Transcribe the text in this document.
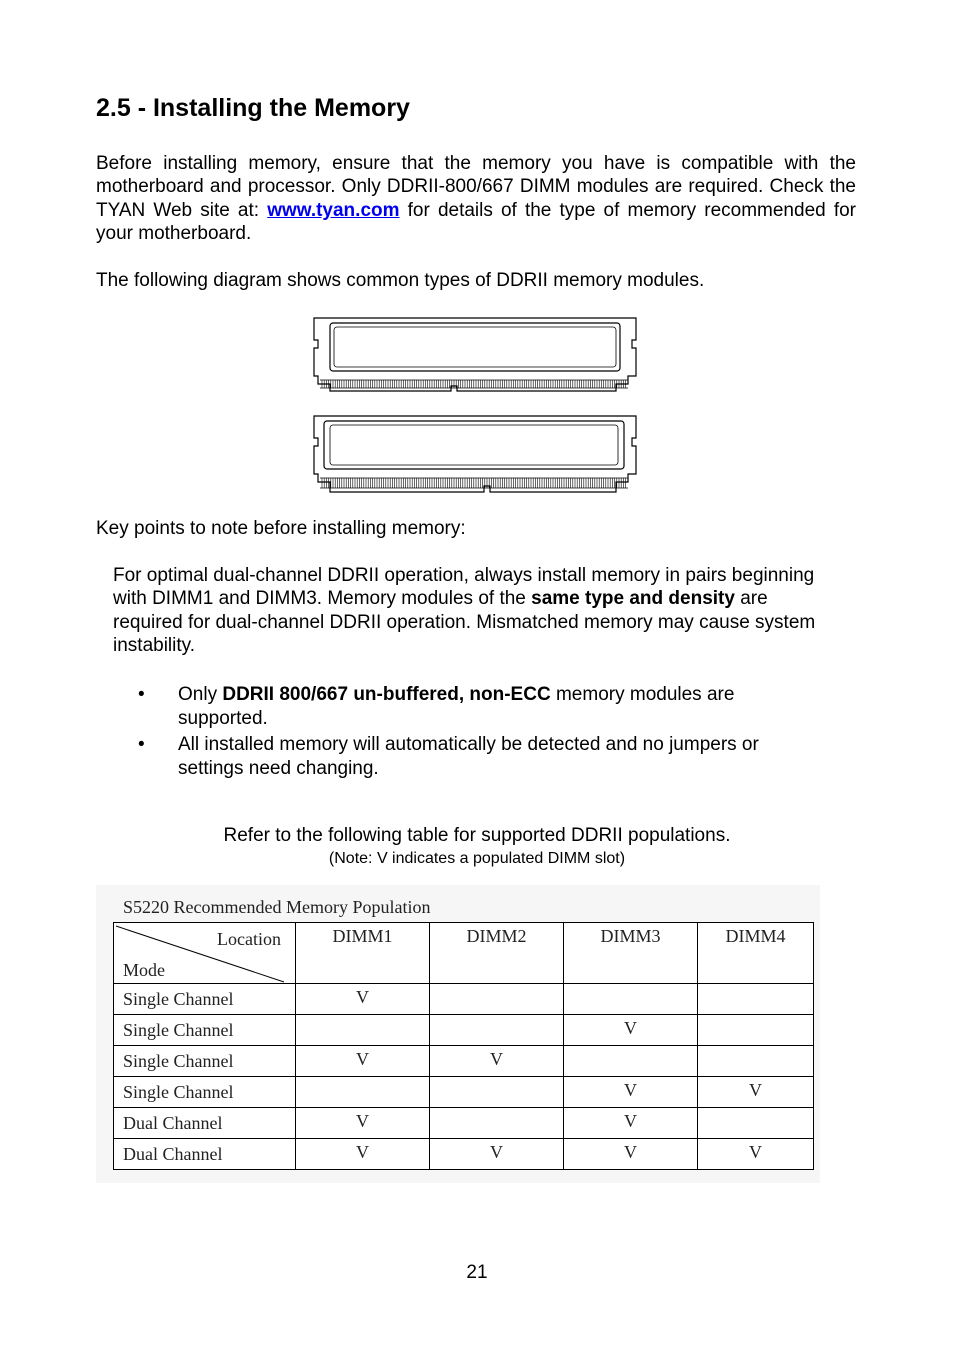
2.5 - Installing the Memory

Before installing memory, ensure that the memory you have is compatible with the motherboard and processor. Only DDRII-800/667 DIMM modules are required. Check the TYAN Web site at: www.tyan.com for details of the type of memory recommended for your motherboard.

The following diagram shows common types of DDRII memory modules.

Key points to note before installing memory:

For optimal dual-channel DDRII operation, always install memory in pairs beginning with DIMM1 and DIMM3. Memory modules of the same type and density are required for dual-channel DDRII operation. Mismatched memory may cause system instability.

• Only DDRII 800/667 un-buffered, non-ECC memory modules are supported.
• All installed memory will automatically be detected and no jumpers or settings need changing.
Refer to the following table for supported DDRII populations.
(Note: V indicates a populated DIMM slot)
S5220 Recommended Memory Population
Location
Mode	DIMM1	DIMM2	DIMM3	DIMM4
Single Channel	V			
Single Channel			V	
Single Channel	V	V		
Single Channel			V	V
Dual Channel	V		V	
Dual Channel	V	V	V	V
21
